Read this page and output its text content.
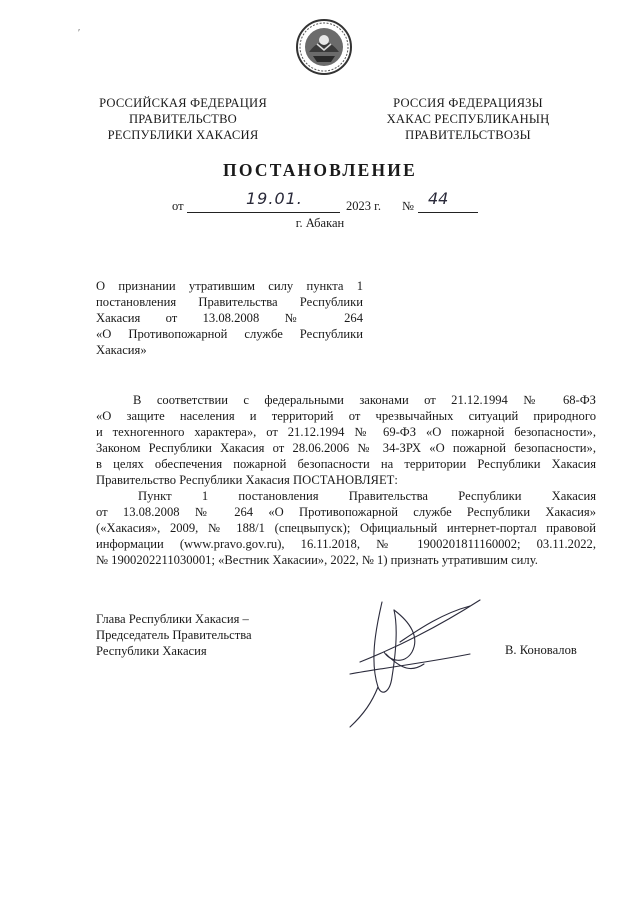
′
РОССИЙСКАЯ ФЕДЕРАЦИЯ
ПРАВИТЕЛЬСТВО
РЕСПУБЛИКИ ХАКАСИЯ
РОССИЯ ФЕДЕРАЦИЯЗЫ
ХАКАС РЕСПУБЛИКАНЫҢ
ПРАВИТЕЛЬСТВОЗЫ
ПОСТАНОВЛЕНИЕ
от	19.01.	2023 г. № 44
г. Абакан
О признании утратившим силу пункта 1
постановления Правительства Республики
Хакасия от 13.08.2008 № 264
«О Противопожарной службе Республики
Хакасия»
В соответствии с федеральными законами от 21.12.1994 № 68-ФЗ
«О защите населения и территорий от чрезвычайных ситуаций природного
и техногенного характера», от 21.12.1994 № 69-ФЗ «О пожарной безопасности»,
Законом Республики Хакасия от 28.06.2006 № 34-ЗРХ «О пожарной безопасности»,
в целях обеспечения пожарной безопасности на территории Республики Хакасия
Правительство Республики Хакасия ПОСТАНОВЛЯЕТ:
Пункт 1 постановления Правительства Республики Хакасия
от 13.08.2008 № 264 «О Противопожарной службе Республики Хакасия»
(«Хакасия», 2009, № 188/1 (спецвыпуск); Официальный интернет-портал правовой
информации (www.pravo.gov.ru), 16.11.2018, № 1900201811160002; 03.11.2022,
№ 1900202211030001; «Вестник Хакасии», 2022, № 1) признать утратившим силу.
Глава Республики Хакасия –
Председатель Правительства
Республики Хакасия	В. Коновалов
